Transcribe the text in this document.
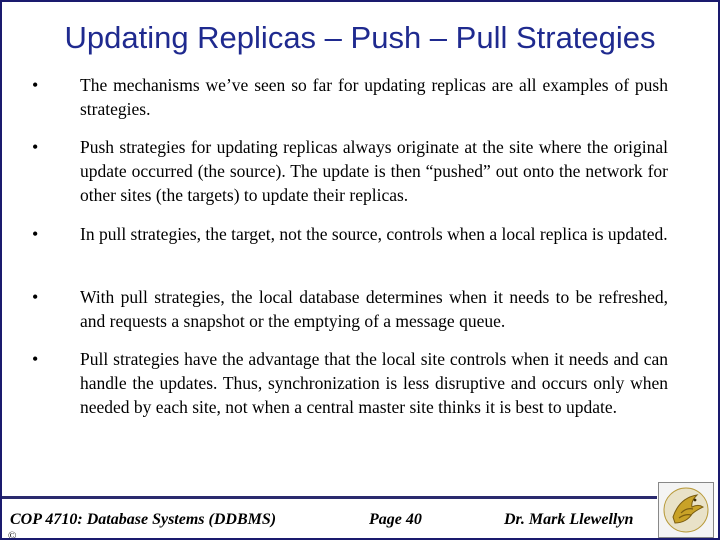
Updating Replicas – Push – Pull Strategies
• The mechanisms we’ve seen so far for updating replicas are all examples of push strategies.
• Push strategies for updating replicas always originate at the site where the original update occurred (the source). The update is then “pushed” out onto the network for other sites (the targets) to update their replicas.
• In pull strategies, the target, not the source, controls when a local replica is updated.
• With pull strategies, the local database determines when it needs to be refreshed, and requests a snapshot or the emptying of a message queue.
• Pull strategies have the advantage that the local site controls when it needs and can handle the updates. Thus, synchronization is less disruptive and occurs only when needed by each site, not when a central master site thinks it is best to update.
COP 4710: Database Systems (DDBMS)	Page 40	Dr. Mark Llewellyn
©
